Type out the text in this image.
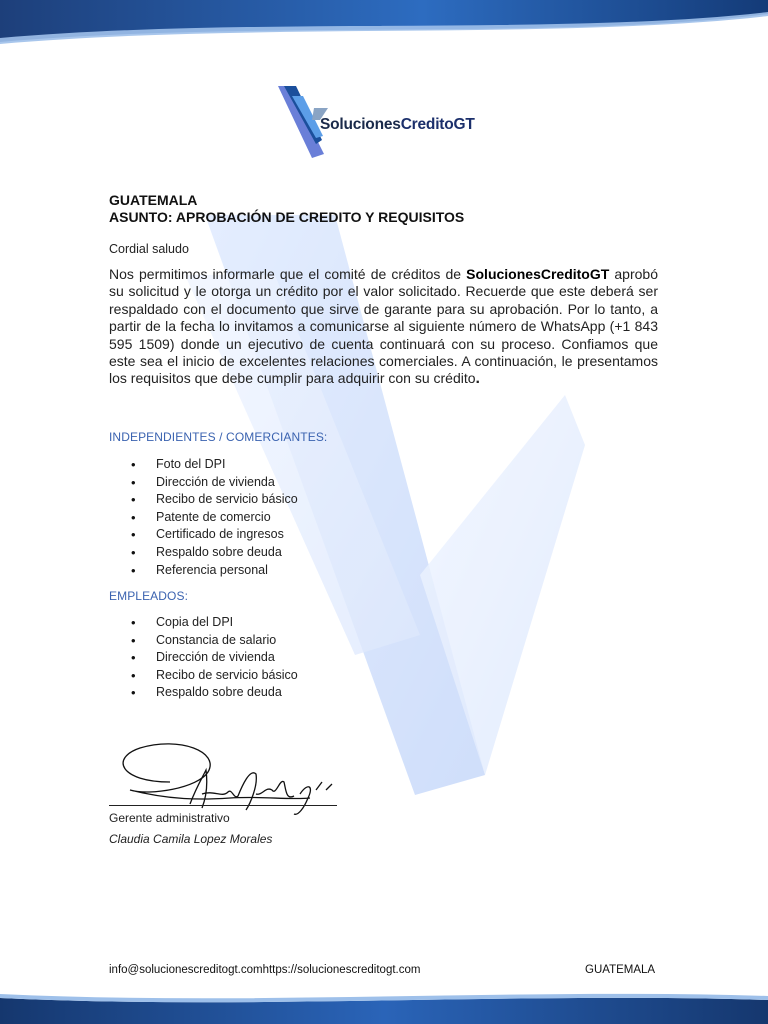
SolucionesCreditoGT
GUATEMALA
ASUNTO: APROBACIÓN DE CREDITO Y REQUISITOS
Cordial saludo
Nos permitimos informarle que el comité de créditos de SolucionesCreditoGT aprobó su solicitud y le otorga un crédito por el valor solicitado. Recuerde que este deberá ser respaldado con el documento que sirve de garante para su aprobación. Por lo tanto, a partir de la fecha lo invitamos a comunicarse al siguiente número de WhatsApp (+1 843 595 1509) donde un ejecutivo de cuenta continuará con su proceso. Confiamos que este sea el inicio de excelentes relaciones comerciales. A continuación, le presentamos los requisitos que debe cumplir para adquirir con su crédito.
INDEPENDIENTES / COMERCIANTES:
• Foto del DPI
• Dirección de vivienda
• Recibo de servicio básico
• Patente de comercio
• Certificado de ingresos
• Respaldo sobre deuda
• Referencia personal
EMPLEADOS:
• Copia del DPI
• Constancia de salario
• Dirección de vivienda
• Recibo de servicio básico
• Respaldo sobre deuda
Gerente administrativo
Claudia Camila Lopez Morales
info@solucionescreditogt.comhttps://solucionescreditogt.com	GUATEMALA
